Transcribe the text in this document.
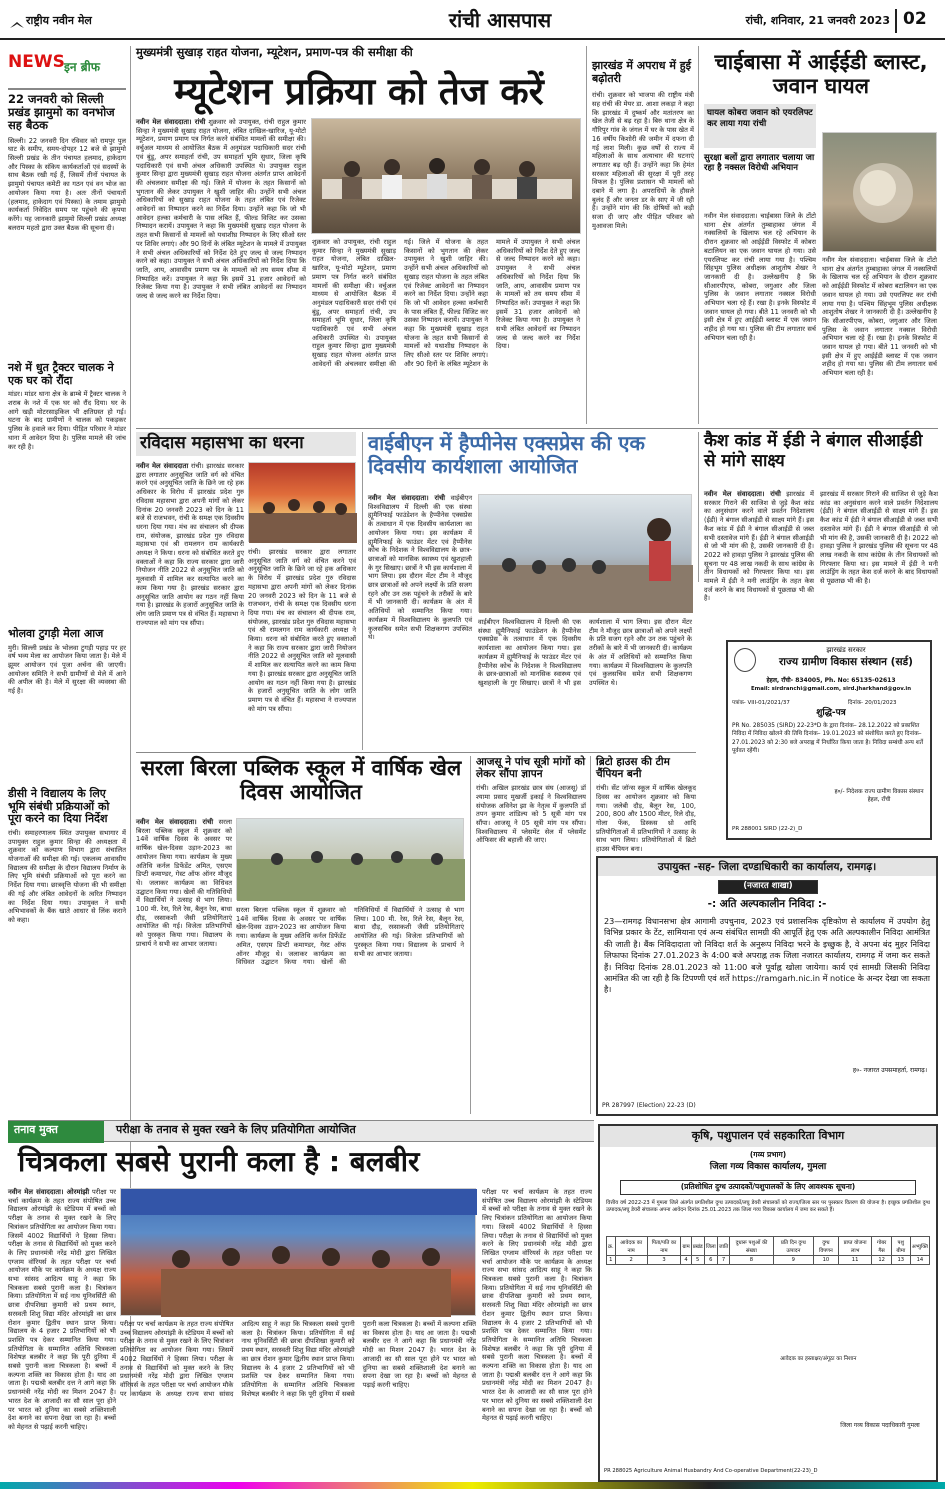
राष्ट्रीय नवीन मेल	रांची आसपास	रांची, शनिवार, 21 जनवरी 2023 02
NEWS इन ब्रीफ
22 जनवरी को सिल्ली प्रखंड झामुमो का वनभोज सह बैठक
सिल्ली। 22 जनवरी दिन रविवार को रामपुर पुल घाट के समीप, समय-दोपहर 12 बजे से झामुमो सिल्ली प्रखंड के तीन पंचायत हलमाद, हाकेदाग और पिस्का के संकिय कार्यकर्ताओं एवं सदस्यों के साथ बैठक रखी गई हैं, जिसमें तीनों पंचायत के झामुमो पंचायत कमेटी का गठन एवं वन भोज का आयोजन किया गया है। अतः तीनों पंचायतों (हलमाद, हाकेदाग एवं पिस्का) के तमाम झामुमो कार्यकर्ता निवेदित समय पर पहुंचने की कृपया करेंगे। यह जानकारी झामुमो सिल्ली प्रखंड अध्यक्ष बलराम महतो द्वारा उक्त बैठक की सूचना दी।
नशे में धुत ट्रैक्टर चालक ने एक घर को रौंदा
मांडर। मांडर थाना क्षेत्र के ब्राम्बे में ट्रैक्टर चालक ने शराब के नशे में एक घर को रौंद दिया। घर के आगे खड़ी मोटरसाइकिल भी क्षतिग्रस्त हो गई। घटना के बाद ग्रामीणों ने चालक को पकड़कर पुलिस के हवाले कर दिया। पीड़ित परिवार ने मांडर थाना में आवेदन दिया है। पुलिस मामले की जांच कर रही है।
भोलवा टुगड़ी मेला आज
मुरी। सिल्ली प्रखंड के भोलवा टुगड़ी पहाड़ पर हर वर्ष भव्य मेला का आयोजन किया जाता है। मेले में झूमर आयोजन एवं पूजा अर्चना की जाएगी। आयोजन समिति ने सभी ग्रामीणों से मेले में आने की अपील की है। मेले में सुरक्षा की व्यवस्था की गई है।
डीसी ने विद्यालय के लिए भूमि संबंधी प्रक्रियाओं को पूरा करने का दिया निर्देश
रांची। समाहरणालय स्थित उपायुक्त सभागार में उपायुक्त राहुल कुमार सिन्हा की अध्यक्षता में शुक्रवार को कल्याण विभाग द्वारा संचालित योजनाओं की समीक्षा की गई। एकलव्य आवासीय विद्यालय की समीक्षा के दौरान विद्यालय निर्माण के लिए भूमि संबंधी प्रक्रियाओं को पूरा करने का निर्देश दिया गया। छात्रवृत्ति योजना की भी समीक्षा की गई और लंबित आवेदनों के त्वरित निष्पादन का निर्देश दिया गया। उपायुक्त ने सभी अभिभावकों के बैंक खाते आधार से लिंक कराने को कहा।
मुख्यमंत्री सुखाड़ राहत योजना, म्यूटेशन, प्रमाण-पत्र की समीक्षा की
म्यूटेशन प्रक्रिया को तेज करें
नवीन मेल संवाददाता। रांची शुक्रवार को उपायुक्त, रांची राहुल कुमार सिन्हा ने मुख्यमंत्री सुखाड़ राहत योजना, लंबित दाखिल-खारिज, यू-मोटो म्यूटेशन, प्रमाण प्रमाण पत्र निर्गत करने संबंधित मामलों की समीक्षा की। वर्चुअल माध्यम से आयोजित बैठक में अनुमंडल पदाधिकारी सदर रांची एवं बुंडू, अपर समाहर्ता रांची, उप समाहर्ता भूमि सुधार, जिला कृषि पदाधिकारी एवं सभी अंचल अधिकारी उपस्थित थे। उपायुक्त राहुल कुमार सिन्हा द्वारा मुख्यमंत्री सुखाड़ राहत योजना अंतर्गत प्राप्त आवेदनों की अंचलवार समीक्षा की गई। जिले में योजना के तहत किसानों को भुगतान की लेकर उपायुक्त ने खुशी जाहिर की। उन्होंने सभी अंचल अधिकारियों को सुखाड़ राहत योजना के तहत लंबित एवं रिजेक्ट आवेदनों का निष्पादन करने का निर्देश दिया। उन्होंने कहा कि जो भी आवेदन हल्का कर्मचारी के पास लंबित हैं, फील्ड विजिट कर उसका निष्पादन करायें। उपायुक्त ने कहा कि मुख्यमंत्री सुखाड़ राहत योजना के तहत सभी किसानों से मामलों को यथाशीघ्र निष्पादन के लिए सीओ स्तर पर शिविर लगाएं। और 90 दिनों के लंबित म्यूटेशन के मामले में उपायुक्त ने सभी अंचल अधिकारियों को निर्देश देते हुए जल्द से जल्द निष्पादन करने को कहा। उपायुक्त ने सभी अंचल अधिकारियों को निर्देश दिया कि जाति, आय, आवासीय प्रमाण पत्र के मामलों को तय समय सीमा में निष्पादित करें। उपायुक्त ने कहा कि इसमें 31 हजार आवेदनों को रिजेक्ट किया गया है। उपायुक्त ने सभी लंबित आवेदनों का निष्पादन जल्द से जल्द करने का निर्देश दिया।
शुक्रवार को उपायुक्त, रांची राहुल कुमार सिन्हा ने मुख्यमंत्री सुखाड़ राहत योजना, लंबित दाखिल-खारिज, यू-मोटो म्यूटेशन, प्रमाण प्रमाण पत्र निर्गत करने संबंधित मामलों की समीक्षा की। वर्चुअल माध्यम से आयोजित बैठक में अनुमंडल पदाधिकारी सदर रांची एवं बुंडू, अपर समाहर्ता रांची, उप समाहर्ता भूमि सुधार, जिला कृषि पदाधिकारी एवं सभी अंचल अधिकारी उपस्थित थे। उपायुक्त राहुल कुमार सिन्हा द्वारा मुख्यमंत्री सुखाड़ राहत योजना अंतर्गत प्राप्त आवेदनों की अंचलवार समीक्षा की गई। जिले में योजना के तहत किसानों को भुगतान की लेकर उपायुक्त ने खुशी जाहिर की। उन्होंने सभी अंचल अधिकारियों को सुखाड़ राहत योजना के तहत लंबित एवं रिजेक्ट आवेदनों का निष्पादन करने का निर्देश दिया। उन्होंने कहा कि जो भी आवेदन हल्का कर्मचारी के पास लंबित हैं, फील्ड विजिट कर उसका निष्पादन करायें। उपायुक्त ने कहा कि मुख्यमंत्री सुखाड़ राहत योजना के तहत सभी किसानों से मामलों को यथाशीघ्र निष्पादन के लिए सीओ स्तर पर शिविर लगाएं। और 90 दिनों के लंबित म्यूटेशन के मामले में उपायुक्त ने सभी अंचल अधिकारियों को निर्देश देते हुए जल्द से जल्द निष्पादन करने को कहा। उपायुक्त ने सभी अंचल अधिकारियों को निर्देश दिया कि जाति, आय, आवासीय प्रमाण पत्र के मामलों को तय समय सीमा में निष्पादित करें। उपायुक्त ने कहा कि इसमें 31 हजार आवेदनों को रिजेक्ट किया गया है। उपायुक्त ने सभी लंबित आवेदनों का निष्पादन जल्द से जल्द करने का निर्देश दिया।
झारखंड में अपराध में हुई बढ़ोतरी
रांची। शुक्रवार को भाजपा की राष्ट्रीय मंत्री सह रांची की मेयर डा. आशा लकड़ा ने कहा कि झारखंड में दुष्कर्म और मतांतरण का खेल तेजी से बढ़ रहा है। बिरु थाना क्षेत्र के गौरिपुर गांव के जंगल में घर के पास खेत में 16 वर्षीय किशोरी की जमीन में दफना दी गई लाश मिली। कुछ वर्षों से राज्य में महिलाओं के साथ अत्याचार की घटनाएं लगातार बढ़ रही हैं। उन्होंने कहा कि हेमंत सरकार महिलाओं की सुरक्षा में पूरी तरह विफल है। पुलिस प्रशासन भी मामलों को दबाने में लगा है। अपराधियों के हौसले बुलंद हैं और जनता डर के साए में जी रही है। उन्होंने मांग की कि दोषियों को कड़ी सजा दी जाए और पीड़ित परिवार को मुआवजा मिले।
चाईबासा में आईईडी ब्लास्ट, जवान घायल
घायल कोबरा जवान को एयरलिफ्ट कर लाया गया रांची
सुरक्षा बलों द्वारा लगातार चलाया जा रहा है नक्सल विरोधी अभियान
नवीन मेल संवाददाता। चाईबासा जिले के टोंटो थाना क्षेत्र अंतर्गत तुम्बाहाका जंगल में नक्सलियों के खिलाफ चल रहे अभियान के दौरान शुक्रवार को आईईडी विस्फोट में कोबरा बटालियन का एक जवान घायल हो गया। उसे एयरलिफ्ट कर रांची लाया गया है। पश्चिम सिंहभूम पुलिस अधीक्षक आशुतोष शेखर ने जानकारी दी है। उल्लेखनीय है कि सीआरपीएफ, कोबरा, जगुआर और जिला पुलिस के जवान लगातार नक्सल विरोधी अभियान चला रहे हैं। रखा है। इनके विस्फोट में जवान घायल हो गया। बीते 11 जनवरी को भी इसी क्षेत्र में हुए आईईडी ब्लास्ट में एक जवान शहीद हो गया था। पुलिस की टीम लगातार सर्च अभियान चला रही है।
नवीन मेल संवाददाता। चाईबासा जिले के टोंटो थाना क्षेत्र अंतर्गत तुम्बाहाका जंगल में नक्सलियों के खिलाफ चल रहे अभियान के दौरान शुक्रवार को आईईडी विस्फोट में कोबरा बटालियन का एक जवान घायल हो गया। उसे एयरलिफ्ट कर रांची लाया गया है। पश्चिम सिंहभूम पुलिस अधीक्षक आशुतोष शेखर ने जानकारी दी है। उल्लेखनीय है कि सीआरपीएफ, कोबरा, जगुआर और जिला पुलिस के जवान लगातार नक्सल विरोधी अभियान चला रहे हैं। रखा है। इनके विस्फोट में जवान घायल हो गया। बीते 11 जनवरी को भी इसी क्षेत्र में हुए आईईडी ब्लास्ट में एक जवान शहीद हो गया था। पुलिस की टीम लगातार सर्च अभियान चला रही है।
रविदास महासभा का धरना
नवीन मेल संवाददाता रांची। झारखंड सरकार द्वारा लगातार अनुसूचित जाति वर्ग को वंचित करने एवं अनुसूचित जाति के छिने जा रहे हक अधिकार के विरोध में झारखंड प्रदेश गुरु रविदास महासभा द्वारा अपनी मांगों को लेकर दिनांक 20 जनवरी 2023 को दिन के 11 बजे से राजभवन, रांची के समक्ष एक दिवसीय धरना दिया गया। मंच का संचालन श्री दीपक राम, संयोजक, झारखंड प्रदेश गुरु रविदास महासभा एवं श्री रामलगन राम कार्यकारी अध्यक्ष ने किया। धरना को संबोधित करते हुए वक्ताओं ने कहा कि राज्य सरकार द्वारा जारी नियोजन नीति 2022 से अनुसूचित जाति को मूलवासी में शामिल कर सत्यापित करने का काम किया गया है। झारखंड सरकार द्वारा अनुसूचित जाति आयोग का गठन नहीं किया गया है। झारखंड के हजारों अनुसूचित जाति के लोग जाति प्रमाण पत्र से वंचित हैं। महासभा ने राज्यपाल को मांग पत्र सौंपा।
रांची। झारखंड सरकार द्वारा लगातार अनुसूचित जाति वर्ग को वंचित करने एवं अनुसूचित जाति के छिने जा रहे हक अधिकार के विरोध में झारखंड प्रदेश गुरु रविदास महासभा द्वारा अपनी मांगों को लेकर दिनांक 20 जनवरी 2023 को दिन के 11 बजे से राजभवन, रांची के समक्ष एक दिवसीय धरना दिया गया। मंच का संचालन श्री दीपक राम, संयोजक, झारखंड प्रदेश गुरु रविदास महासभा एवं श्री रामलगन राम कार्यकारी अध्यक्ष ने किया। धरना को संबोधित करते हुए वक्ताओं ने कहा कि राज्य सरकार द्वारा जारी नियोजन नीति 2022 से अनुसूचित जाति को मूलवासी में शामिल कर सत्यापित करने का काम किया गया है। झारखंड सरकार द्वारा अनुसूचित जाति आयोग का गठन नहीं किया गया है। झारखंड के हजारों अनुसूचित जाति के लोग जाति प्रमाण पत्र से वंचित हैं। महासभा ने राज्यपाल को मांग पत्र सौंपा।
वाईबीएन में हैप्पीनेस एक्सप्रेस की एक दिवसीय कार्यशाला आयोजित
नवीन मेल संवाददाता। रांची वाईबीएन विश्वविद्यालय में दिल्ली की एक संस्था ह्यूमैनिफाई फाउंडेशन के हैप्पीनेस एक्सप्रेस के तत्वाधान में एक दिवसीय कार्यशाला का आयोजन किया गया। इस कार्यक्रम में ह्यूमैनिफाई के फाउंडर मेंटर एवं हैप्पीनेस कोच के निदेशक ने विश्वविद्यालय के छात्र-छात्राओं को मानसिक स्वास्थ्य एवं खुशहाली के गुर सिखाए। छात्रों ने भी इस कार्यशाला में भाग लिया। इस दौरान मेंटर टीम ने मौजूद छात्र छात्राओं को अपने लक्ष्यों के प्रति सजग रहने और उन तक पहुंचने के तरीकों के बारे में भी जानकारी दी। कार्यक्रम के अंत में अतिथियों को सम्मानित किया गया। कार्यक्रम में विश्वविद्यालय के कुलपति एवं कुलसचिव समेत सभी शिक्षकगण उपस्थित थे।
वाईबीएन विश्वविद्यालय में दिल्ली की एक संस्था ह्यूमैनिफाई फाउंडेशन के हैप्पीनेस एक्सप्रेस के तत्वाधान में एक दिवसीय कार्यशाला का आयोजन किया गया। इस कार्यक्रम में ह्यूमैनिफाई के फाउंडर मेंटर एवं हैप्पीनेस कोच के निदेशक ने विश्वविद्यालय के छात्र-छात्राओं को मानसिक स्वास्थ्य एवं खुशहाली के गुर सिखाए। छात्रों ने भी इस कार्यशाला में भाग लिया। इस दौरान मेंटर टीम ने मौजूद छात्र छात्राओं को अपने लक्ष्यों के प्रति सजग रहने और उन तक पहुंचने के तरीकों के बारे में भी जानकारी दी। कार्यक्रम के अंत में अतिथियों को सम्मानित किया गया। कार्यक्रम में विश्वविद्यालय के कुलपति एवं कुलसचिव समेत सभी शिक्षकगण उपस्थित थे।
कैश कांड में ईडी ने बंगाल सीआईडी से मांगे साक्ष्य
नवीन मेल संवाददाता। रांची झारखंड में सरकार गिराने की साजिश से जुड़े कैश कांड का अनुसंधान करने वाले प्रवर्तन निदेशालय (ईडी) ने बंगाल सीआईडी से साक्ष्य मांगे हैं। इस कैश कांड में ईडी ने बंगाल सीआईडी से जब्त सभी दस्तावेज मांगे हैं। ईडी ने बंगाल सीआईडी से जो भी मांग की है, उसकी जानकारी दी है। 2022 को हावड़ा पुलिस ने झारखंड पुलिस की सूचना पर 48 लाख नकदी के साथ कांग्रेस के तीन विधायकों को गिरफ्तार किया था। इस मामले में ईडी ने मनी लाउंड्रिंग के तहत केस दर्ज करने के बाद विधायकों से पूछताछ भी की है।
झारखंड में सरकार गिराने की साजिश से जुड़े कैश कांड का अनुसंधान करने वाले प्रवर्तन निदेशालय (ईडी) ने बंगाल सीआईडी से साक्ष्य मांगे हैं। इस कैश कांड में ईडी ने बंगाल सीआईडी से जब्त सभी दस्तावेज मांगे हैं। ईडी ने बंगाल सीआईडी से जो भी मांग की है, उसकी जानकारी दी है। 2022 को हावड़ा पुलिस ने झारखंड पुलिस की सूचना पर 48 लाख नकदी के साथ कांग्रेस के तीन विधायकों को गिरफ्तार किया था। इस मामले में ईडी ने मनी लाउंड्रिंग के तहत केस दर्ज करने के बाद विधायकों से पूछताछ भी की है।
झारखंड सरकार
राज्य ग्रामीण विकास संस्थान (सर्ड)
हेहल, राँची- 834005, Ph. No: 65135-02613
Email: sirdranchi@gmail.com, sird.jharkhand@gov.in
पत्रांक- VIII-01/2021/37	दिनांक- 20/01/2023
शुद्धि-पत्र
PR No. 285035 (SIRD) 22-23*D के द्वारा दिनांक– 28.12.2022 को प्रकाशित निविदा में निविदा खोलने की तिथि दिनांक– 19.01.2023 को संशोधित करते हुए दिनांक– 27.01.2023 को 2:30 बजे अपराह्न में निर्धारित किया जाता है। निविदा सम्बंधी अन्य शर्ते पूर्ववत रहेंगी।
ह०/- निदेशक राज्य ग्रामीण विकास संस्थान हेहल, राँची
PR 288001 SIRD (22-2)_D
सरला बिरला पब्लिक स्कूल में वार्षिक खेल दिवस आयोजित
नवीन मेल संवाददाता। रांची सरला बिरला पब्लिक स्कूल में शुक्रवार को 14वें वार्षिक दिवस के अवसर पर वार्षिक खेल-दिवस उड़ान-2023 का आयोजन किया गया। कार्यक्रम के मुख्य अतिथि कर्नल डिफेंडेंट अमित, एसएम डिप्टी कमाण्डर, गेस्ट ऑफ ऑनर मौजूद थे। जलाकर कार्यक्रम का विधिवत उद्घाटन किया गया। खेलों की गतिविधियों में विद्यार्थियों ने उत्साह से भाग लिया। 100 मी. रेस, रिले रेस, बैलून रेस, बाधा दौड़, रस्साकशी जैसी प्रतियोगिताएं आयोजित की गई। विजेता प्रतिभागियों को पुरस्कृत किया गया। विद्यालय के प्राचार्य ने सभी का आभार जताया।
सरला बिरला पब्लिक स्कूल में शुक्रवार को 14वें वार्षिक दिवस के अवसर पर वार्षिक खेल-दिवस उड़ान-2023 का आयोजन किया गया। कार्यक्रम के मुख्य अतिथि कर्नल डिफेंडेंट अमित, एसएम डिप्टी कमाण्डर, गेस्ट ऑफ ऑनर मौजूद थे। जलाकर कार्यक्रम का विधिवत उद्घाटन किया गया। खेलों की गतिविधियों में विद्यार्थियों ने उत्साह से भाग लिया। 100 मी. रेस, रिले रेस, बैलून रेस, बाधा दौड़, रस्साकशी जैसी प्रतियोगिताएं आयोजित की गई। विजेता प्रतिभागियों को पुरस्कृत किया गया। विद्यालय के प्राचार्य ने सभी का आभार जताया।
आजसू ने पांच सूत्री मांगों को लेकर सौंपा ज्ञापन
रांची। अखिल झारखंड छात्र संघ (आजसू) डॉ श्यामा प्रसाद मुखर्जी इकाई ने विश्वविद्यालय संयोजक अविनेश झा के नेतृत्व में कुलपति डॉ तपन कुमार शांडिल्य को 5 सूत्री मांग पत्र सौंपा। आजसू ने 05 सूत्री मांग पत्र सौंपा। विश्वविद्यालय में प्लेसमेंट सेल में प्लेसमेंट ऑफिसर की बहाली की जाए।
ब्रिटो हाउस की टीम चैंपियन बनी
रांची। सेंट जॉन्स स्कूल में वार्षिक खेलकूद दिवस का आयोजन शुक्रवार को किया गया। जलेबी दौड़, बैलून रेस, 100, 200, 800 और 1500 मीटर, रिले दौड़, गोला फेंक, डिस्कस थ्रो आदि प्रतियोगिताओं में प्रतिभागियों ने उत्साह के साथ भाग लिया। प्रतियोगिताओं में ब्रिटो हाउस चैंपियन बना।
उपायुक्त -सह- जिला दण्डाधिकारी का कार्यालय, रामगढ़।
(नजारत शाखा)
-: अति अल्पकालीन निविदा :-
23—रामगढ़ विधानसभा क्षेत्र आगामी उपचुनाव, 2023 एवं प्रशासनिक दृष्टिकोण से कार्यालय में उपयोग हेतु विभिन्न प्रकार के टेंट, सामियाना एवं अन्य संबंधित सामग्री की आपूर्ति हेतु एक अति अल्पकालीन निविदा आमंत्रित की जाती है। बैंक निविदादाता जो निविदा शर्त के अनुरूप निविदा भरने के इच्छुक है, वे अपना बंद मुहर निविदा लिफाफा दिनांक 27.01.2023 के 4:00 बजे अपराह्न तक जिला नजारत कार्यालय, रामगढ़ में जमा कर सकते हैं। निविदा दिनांक 28.01.2023 को 11:00 बजे पूर्वाह्न खोला जायेगा। कार्य एवं सामग्री जिसकी निविदा आमंत्रित की जा रही है कि टिपण्णी एवं शर्ते https://ramgarh.nic.in में notice के अन्दर देखा जा सकता है।
ह०- नजारत उपसमाहर्ता, रामगढ़।
PR 287997 (Election) 22-23 (D)
तनाव मुक्त	परीक्षा के तनाव से मुक्त रखने के लिए प्रतियोगिता आयोजित
चित्रकला सबसे पुरानी कला है : बलबीर
नवीन मेल संवाददाता। ओरमांझी परीक्षा पर चर्चा कार्यक्रम के तहत राज्य संपोषित उच्च विद्यालय ओरमांझी के स्टेडियम में बच्चों को परीक्षा के तनाव से मुक्त रखने के लिए चित्रांकन प्रतियोगिता का आयोजन किया गया। जिसमें 4002 विद्यार्थियों ने हिस्सा लिया। परीक्षा के तनाव से विद्यार्थियों को मुक्त करने के लिए प्रधानमंत्री नरेंद्र मोदी द्वारा लिखित एग्जाम वॉरियर्स के तहत परीक्षा पर चर्चा आयोजन मौके पर कार्यक्रम के अध्यक्ष राज्य सभा सांसद आदित्य साहू ने कहा कि चित्रकला सबसे पुरानी कला है। चित्रांकन किया। प्रतियोगिता में सई नाथ यूनिवर्सिटी की छात्रा दीपशिखा कुमारी को प्रथम स्थान, सरस्वती शिशु विद्या मंदिर ओरमांझी का छात्र रोशन कुमार द्वितीय स्थान प्राप्त किया। विद्यालय के 4 हजार 2 प्रतिभागियों को भी प्रशस्ति पत्र देकर सम्मानित किया गया। प्रतियोगिता के सम्मानित अतिथि चित्रकला विशेषज्ञ बलबीर ने कहा कि पूरी दुनिया में सबसे पुरानी कला चित्रकला है। बच्चों में कल्पना शक्ति का विकास होता है। याद आ जाता है। पद्मश्री बलबीर दत्त ने आगे कहा कि प्रधानमंत्री नरेंद्र मोदी का मिशन 2047 है। भारत देश के आजादी का सौ साल पूरा होने पर भारत को दुनिया का सबसे शक्तिशाली देश बनाने का सपना देखा जा रहा है। बच्चों को मेहनत से पढ़ाई करनी चाहिए।
परीक्षा पर चर्चा कार्यक्रम के तहत राज्य संपोषित उच्च विद्यालय ओरमांझी के स्टेडियम में बच्चों को परीक्षा के तनाव से मुक्त रखने के लिए चित्रांकन प्रतियोगिता का आयोजन किया गया। जिसमें 4002 विद्यार्थियों ने हिस्सा लिया। परीक्षा के तनाव से विद्यार्थियों को मुक्त करने के लिए प्रधानमंत्री नरेंद्र मोदी द्वारा लिखित एग्जाम वॉरियर्स के तहत परीक्षा पर चर्चा आयोजन मौके पर कार्यक्रम के अध्यक्ष राज्य सभा सांसद आदित्य साहू ने कहा कि चित्रकला सबसे पुरानी कला है। चित्रांकन किया। प्रतियोगिता में सई नाथ यूनिवर्सिटी की छात्रा दीपशिखा कुमारी को प्रथम स्थान, सरस्वती शिशु विद्या मंदिर ओरमांझी का छात्र रोशन कुमार द्वितीय स्थान प्राप्त किया। विद्यालय के 4 हजार 2 प्रतिभागियों को भी प्रशस्ति पत्र देकर सम्मानित किया गया। प्रतियोगिता के सम्मानित अतिथि चित्रकला विशेषज्ञ बलबीर ने कहा कि पूरी दुनिया में सबसे पुरानी कला चित्रकला है। बच्चों में कल्पना शक्ति का विकास होता है। याद आ जाता है। पद्मश्री बलबीर दत्त ने आगे कहा कि प्रधानमंत्री नरेंद्र मोदी का मिशन 2047 है। भारत देश के आजादी का सौ साल पूरा होने पर भारत को दुनिया का सबसे शक्तिशाली देश बनाने का सपना देखा जा रहा है। बच्चों को मेहनत से पढ़ाई करनी चाहिए।
परीक्षा पर चर्चा कार्यक्रम के तहत राज्य संपोषित उच्च विद्यालय ओरमांझी के स्टेडियम में बच्चों को परीक्षा के तनाव से मुक्त रखने के लिए चित्रांकन प्रतियोगिता का आयोजन किया गया। जिसमें 4002 विद्यार्थियों ने हिस्सा लिया। परीक्षा के तनाव से विद्यार्थियों को मुक्त करने के लिए प्रधानमंत्री नरेंद्र मोदी द्वारा लिखित एग्जाम वॉरियर्स के तहत परीक्षा पर चर्चा आयोजन मौके पर कार्यक्रम के अध्यक्ष राज्य सभा सांसद आदित्य साहू ने कहा कि चित्रकला सबसे पुरानी कला है। चित्रांकन किया। प्रतियोगिता में सई नाथ यूनिवर्सिटी की छात्रा दीपशिखा कुमारी को प्रथम स्थान, सरस्वती शिशु विद्या मंदिर ओरमांझी का छात्र रोशन कुमार द्वितीय स्थान प्राप्त किया। विद्यालय के 4 हजार 2 प्रतिभागियों को भी प्रशस्ति पत्र देकर सम्मानित किया गया। प्रतियोगिता के सम्मानित अतिथि चित्रकला विशेषज्ञ बलबीर ने कहा कि पूरी दुनिया में सबसे पुरानी कला चित्रकला है। बच्चों में कल्पना शक्ति का विकास होता है। याद आ जाता है। पद्मश्री बलबीर दत्त ने आगे कहा कि प्रधानमंत्री नरेंद्र मोदी का मिशन 2047 है। भारत देश के आजादी का सौ साल पूरा होने पर भारत को दुनिया का सबसे शक्तिशाली देश बनाने का सपना देखा जा रहा है। बच्चों को मेहनत से पढ़ाई करनी चाहिए।
कृषि, पशुपालन एवं सहकारिता विभाग
(गव्य प्रभाग)
जिला गव्य विकास कार्यालय, गुमला
(प्रतिशोधित दुग्ध उत्पादकों/पशुपालकों के लिए आवश्यक सूचना)
वित्तीय वर्ष 2022-23 में गुमला जिले अंतर्गत प्रगतिशील दुग्ध उत्पादकों/लघु डेयरी संचालकों को राज्य/जिला स्तर पर पुरस्कार वितरण की योजना है। इच्छुक प्रगतिशील दुग्ध उत्पादक/लघु डेयरी संचालक अपना आवेदन दिनांक 25.01.2023 तक जिला गव्य विकास कार्यालय में जमा कर सकते हैं।
क्र.	आवेदक का नाम	पिता/पति का नाम	ग्राम	प्रखंड	जिला	जाति	दुधारू पशुओं की संख्या	प्रति दिन दुग्ध उत्पादन	दुग्ध विपणन	प्राप्त योजना लाभ	गोबर गैस	पशु बीमा	अभ्युक्ति
1	2	3	4	5	6	7	8	9	10	11	12	13	14
आवेदक का हस्ताक्षर/अंगूठा का निशान
जिला गव्य विकास पदाधिकारी गुमला
PR 288025 Agriculture Animal Husbandry And Co-operative Department(22-23)_D
